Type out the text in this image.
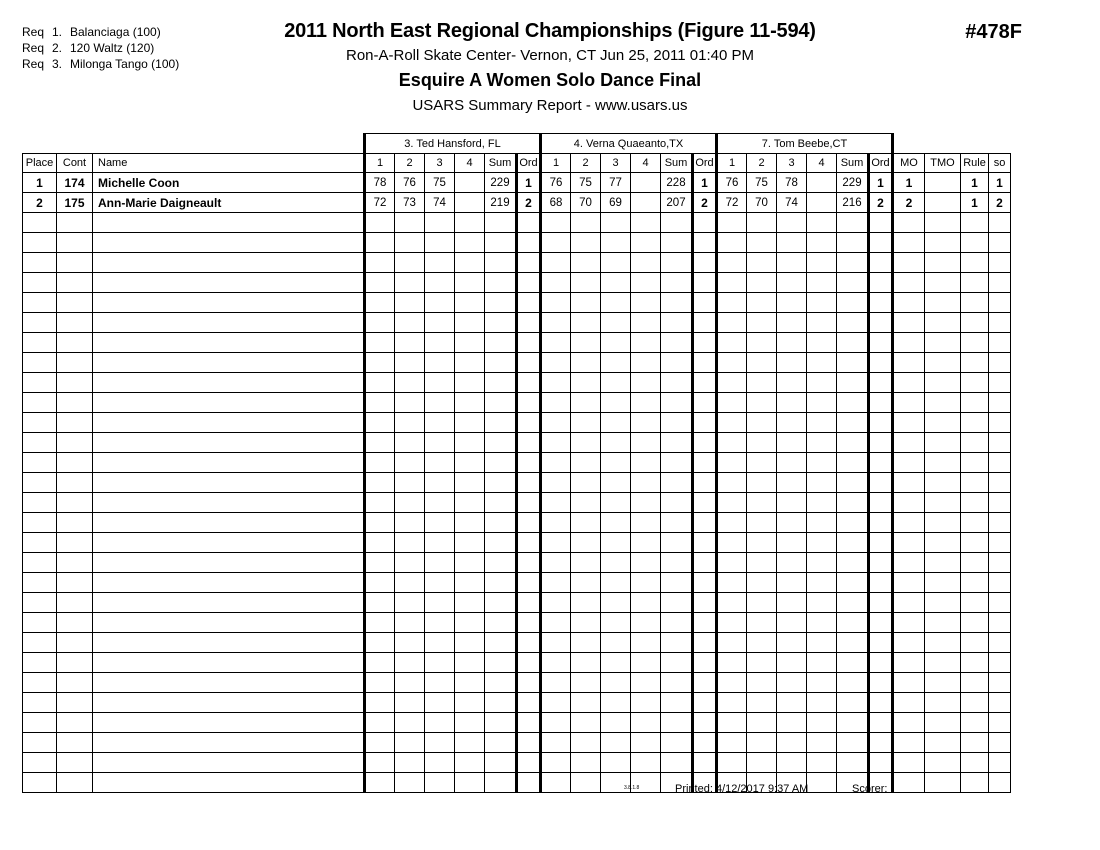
Req 1. Balanciaga (100)
Req 2. 120 Waltz (120)
Req 3. Milonga Tango (100)
2011 North East Regional Championships (Figure 11-594)
Ron-A-Roll Skate Center- Vernon, CT Jun 25, 2011 01:40 PM
Esquire A Women Solo Dance Final
USARS Summary Report - www.usars.us
#478F
			3. Ted Hansford, FL						4. Verna Quaeanto,TX						7. Tom Beebe,CT									
Place	Cont	Name	1	2	3	4	Sum	Ord	1	2	3	4	Sum	Ord	1	2	3	4	Sum	Ord	MO	TMO	Rule	so
1	174	Michelle Coon	78	76	75		229	1	76	75	77		228	1	76	75	78		229	1	1		1	1
2	175	Ann-Marie Daigneault	72	73	74		219	2	68	70	69		207	2	72	70	74		216	2	2		1	2

3.8.1.8	Printed: 4/12/2017 9:37 AM	Scorer:
